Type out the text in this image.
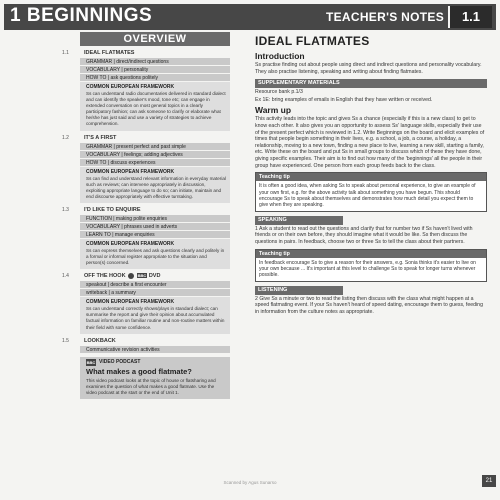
1 BEGINNINGS	TEACHER'S NOTES	1.1
OVERVIEW
1.1	IDEAL FLATMATES
GRAMMAR | direct/indirect questions
VOCABULARY | personality
HOW TO | ask questions politely
COMMON EUROPEAN FRAMEWORK
Ss can understand radio documentaries delivered in standard dialect and can identify the speaker's mood, tone etc; can engage in extended conversation on most general topics in a clearly participatory fashion; can ask someone to clarify or elaborate what he/she has just said and use a variety of strategies to achieve comprehension.
1.2	IT'S A FIRST
GRAMMAR | present perfect and past simple
VOCABULARY | feelings; adding adjectives
HOW TO | discuss experiences
COMMON EUROPEAN FRAMEWORK
Ss can find and understand relevant information in everyday material such as reviews; can intervene appropriately in discussion, exploiting appropriate language to do so; can initiate, maintain and end discourse appropriately with effective turntaking.
1.3	I'D LIKE TO ENQUIRE
FUNCTION | making polite enquiries
VOCABULARY | phrases used in adverts
LEARN TO | manage enquiries
COMMON EUROPEAN FRAMEWORK
Ss can express themselves and ask questions clearly and politely in a formal or informal register appropriate to the situation and person(s) concerned.
1.4	OFF THE HOOK	BBC DVD
speakout | describe a first encounter
writeback | a summary
COMMON EUROPEAN FRAMEWORK
Ss can understand correctly shows/plays in standard dialect; can summarise the report and give their opinion about accumulated factual information on familiar routine and non-routine matters within their field with some confidence.
1.5	LOOKBACK
Communicative revision activities
BBC VIDEO PODCAST
What makes a good flatmate?
This video podcast looks at the topic of house or flatsharing and examines the question of what makes a good flatmate. Use the video podcast at the start or the end of Unit 1.
IDEAL FLATMATES
Introduction
Ss practise finding out about people using direct and indirect questions and personality vocabulary. They also practise listening, speaking and writing about finding flatmates.
SUPPLEMENTARY MATERIALS
Resource bank p.1/3
Ex 1E: bring examples of emails in English that they have written or received.
Warm up
This activity leads into the topic and gives Ss a chance (especially if this is a new class) to get to know each other. It also gives you an opportunity to assess Ss' language skills, especially their use of the present perfect which is reviewed in 1.2. Write Beginnings on the board and elicit examples of times that people begin something in their lives, e.g. a school, a job, a course, a holiday, a relationship, moving to a new town, finding a new place to live, learning a new skill, starting a family, etc. Write these on the board and put Ss in small groups to discuss which of these they have done, giving specific examples. Their aim is to find out how many of the 'beginnings' all the people in their group have experienced. One person from each group feeds back to the class.
Teaching tip
It is often a good idea, when asking Ss to speak about personal experience, to give an example of your own first, e.g. for the above activity talk about something you have begun. This should encourage Ss to speak about themselves and demonstrates how much detail you expect them to give when they are speaking.
SPEAKING
1 Ask a student to read out the questions and clarify that for number two if Ss haven't lived with friends or on their own before, they should imagine what it would be like. Ss then discuss the questions in pairs. In feedback, choose two or three Ss to tell the class about their partners.
Teaching tip
In feedback encourage Ss to give a reason for their answers, e.g. Sonia thinks it's easier to live on your own because ... It's important at this level to challenge Ss to speak for longer turns whenever possible.
LISTENING
2 Give Ss a minute or two to read the listing then discuss with the class what might happen at a speed flatmating event. If your Ss haven't heard of speed dating, encourage them to guess, feeding in information from the culture notes as appropriate.
Scanned by Agus Sunarso	21
